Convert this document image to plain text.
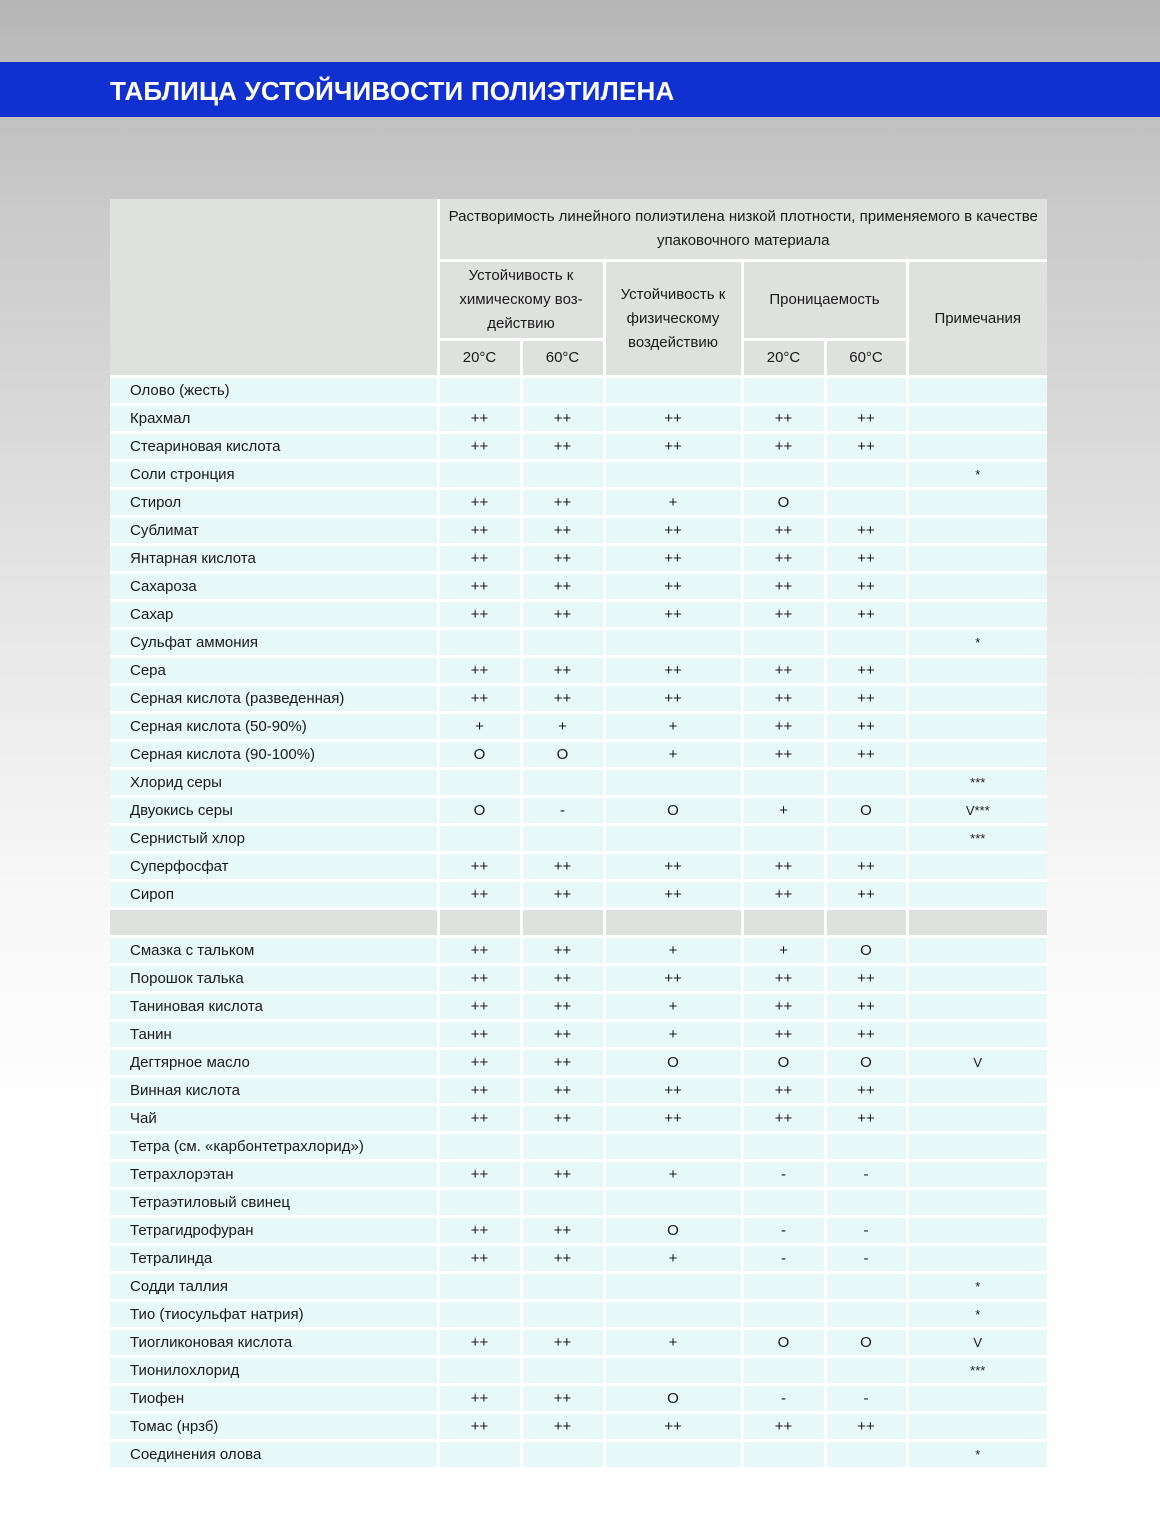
ТАБЛИЦА УСТОЙЧИВОСТИ ПОЛИЭТИЛЕНА
	Растворимость линейного полиэтилена низкой плотности, применяемого в качестве упаковочного материала					
	Устойчивость к химическому воз- действию		Устойчивость к физическому воздействию	Проницаемость		Примечания
	20°C	60°C		20°C	60°C	
Олово (жесть)						
Крахмал	++	++	++	++	++	
Стеариновая кислота	++	++	++	++	++	
Соли стронция						*
Стирол	++	++	+	O		
Сублимат	++	++	++	++	++	
Янтарная кислота	++	++	++	++	++	
Сахароза	++	++	++	++	++	
Сахар	++	++	++	++	++	
Сульфат аммония						*
Сера	++	++	++	++	++	
Серная кислота (разведенная)	++	++	++	++	++	
Серная кислота (50-90%)	+	+	+	++	++	
Серная кислота (90-100%)	O	O	+	++	++	
Хлорид серы						***
Двуокись серы	O	-	O	+	O	V***
Сернистый хлор						***
Суперфосфат	++	++	++	++	++	
Сироп	++	++	++	++	++	

Смазка с тальком	++	++	+	+	O	
Порошок талька	++	++	++	++	++	
Таниновая кислота	++	++	+	++	++	
Танин	++	++	+	++	++	
Дегтярное масло	++	++	O	O	O	V
Винная кислота	++	++	++	++	++	
Чай	++	++	++	++	++	
Тетра (см. «карбонтетрахлорид»)						
Тетрахлорэтан	++	++	+	-	-	
Тетраэтиловый свинец						
Тетрагидрофуран	++	++	O	-	-	
Тетралинда	++	++	+	-	-	
Содди таллия						*
Тио (тиосульфат натрия)						*
Тиогликоновая кислота	++	++	+	O	O	V
Тионилохлорид						***
Тиофен	++	++	O	-	-	
Томас (нрзб)	++	++	++	++	++	
Соединения олова						*
